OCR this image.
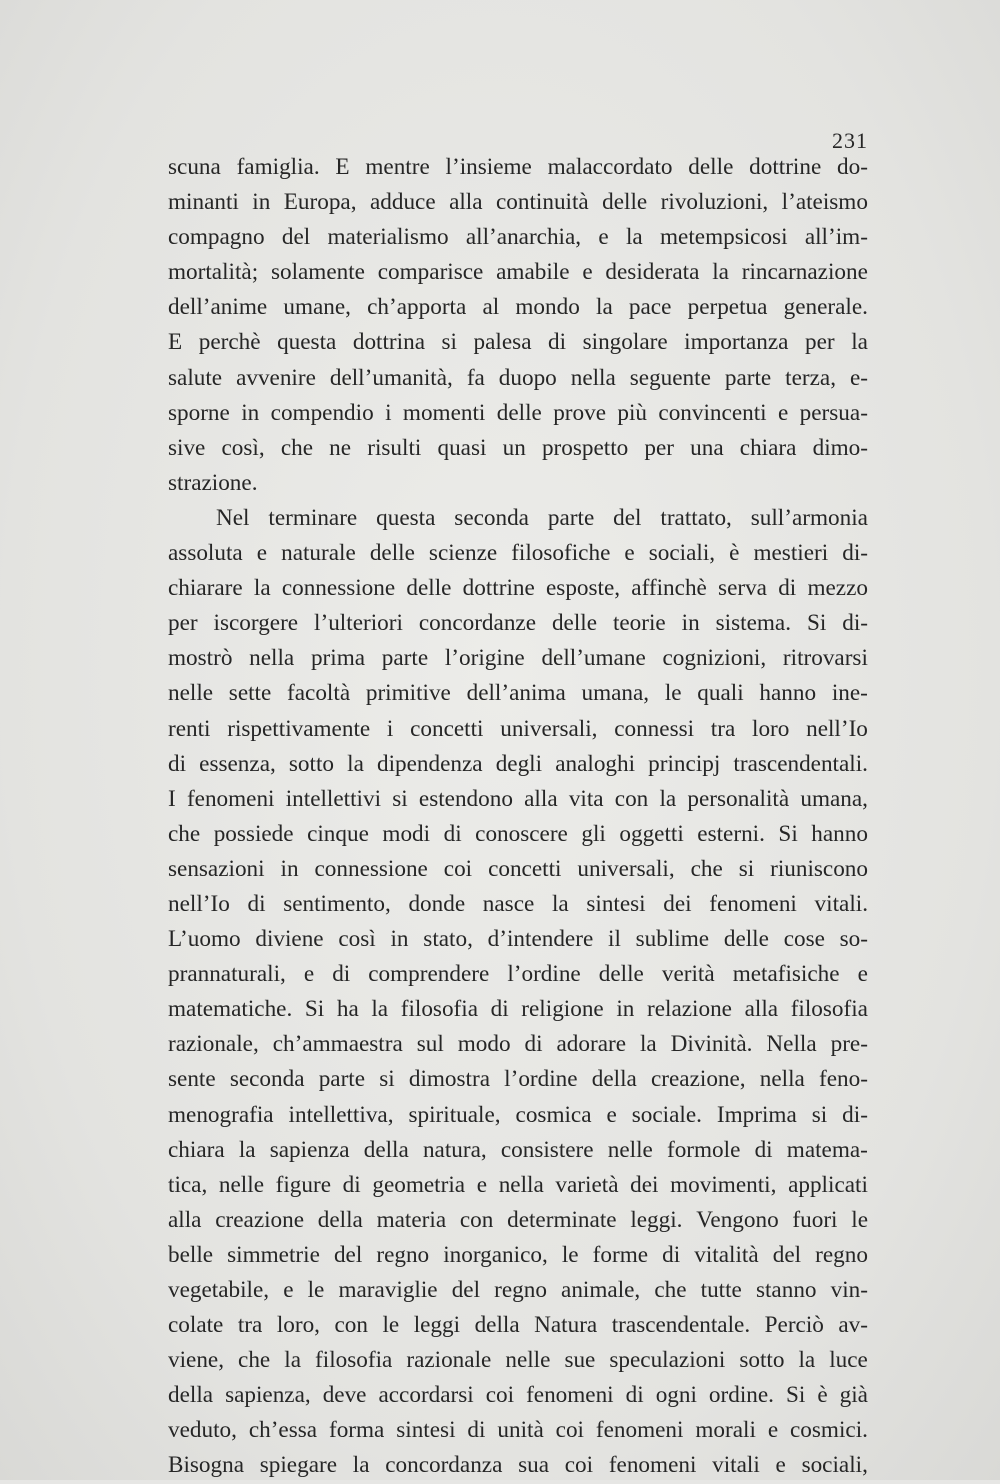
231
scuna famiglia. E mentre l’insieme malaccordato delle dottrine do-
minanti in Europa, adduce alla continuità delle rivoluzioni, l’ateismo
compagno del materialismo all’anarchia, e la metempsicosi all’im-
mortalità; solamente comparisce amabile e desiderata la rincarnazione
dell’anime umane, ch’apporta al mondo la pace perpetua generale.
E perchè questa dottrina si palesa di singolare importanza per la
salute avvenire dell’umanità, fa duopo nella seguente parte terza, e-
sporne in compendio i momenti delle prove più convincenti e persua-
sive così, che ne risulti quasi un prospetto per una chiara dimo-
strazione.
Nel terminare questa seconda parte del trattato, sull’armonia
assoluta e naturale delle scienze filosofiche e sociali, è mestieri di-
chiarare la connessione delle dottrine esposte, affinchè serva di mezzo
per iscorgere l’ulteriori concordanze delle teorie in sistema. Si di-
mostrò nella prima parte l’origine dell’umane cognizioni, ritrovarsi
nelle sette facoltà primitive dell’anima umana, le quali hanno ine-
renti rispettivamente i concetti universali, connessi tra loro nell’Io
di essenza, sotto la dipendenza degli analoghi principj trascendentali.
I fenomeni intellettivi si estendono alla vita con la personalità umana,
che possiede cinque modi di conoscere gli oggetti esterni. Si hanno
sensazioni in connessione coi concetti universali, che si riuniscono
nell’Io di sentimento, donde nasce la sintesi dei fenomeni vitali.
L’uomo diviene così in stato, d’intendere il sublime delle cose so-
prannaturali, e di comprendere l’ordine delle verità metafisiche e
matematiche. Si ha la filosofia di religione in relazione alla filosofia
razionale, ch’ammaestra sul modo di adorare la Divinità. Nella pre-
sente seconda parte si dimostra l’ordine della creazione, nella feno-
menografia intellettiva, spirituale, cosmica e sociale. Imprima si di-
chiara la sapienza della natura, consistere nelle formole di matema-
tica, nelle figure di geometria e nella varietà dei movimenti, applicati
alla creazione della materia con determinate leggi. Vengono fuori le
belle simmetrie del regno inorganico, le forme di vitalità del regno
vegetabile, e le maraviglie del regno animale, che tutte stanno vin-
colate tra loro, con le leggi della Natura trascendentale. Perciò av-
viene, che la filosofia razionale nelle sue speculazioni sotto la luce
della sapienza, deve accordarsi coi fenomeni di ogni ordine. Si è già
veduto, ch’essa forma sintesi di unità coi fenomeni morali e cosmici.
Bisogna spiegare la concordanza sua coi fenomeni vitali e sociali,
